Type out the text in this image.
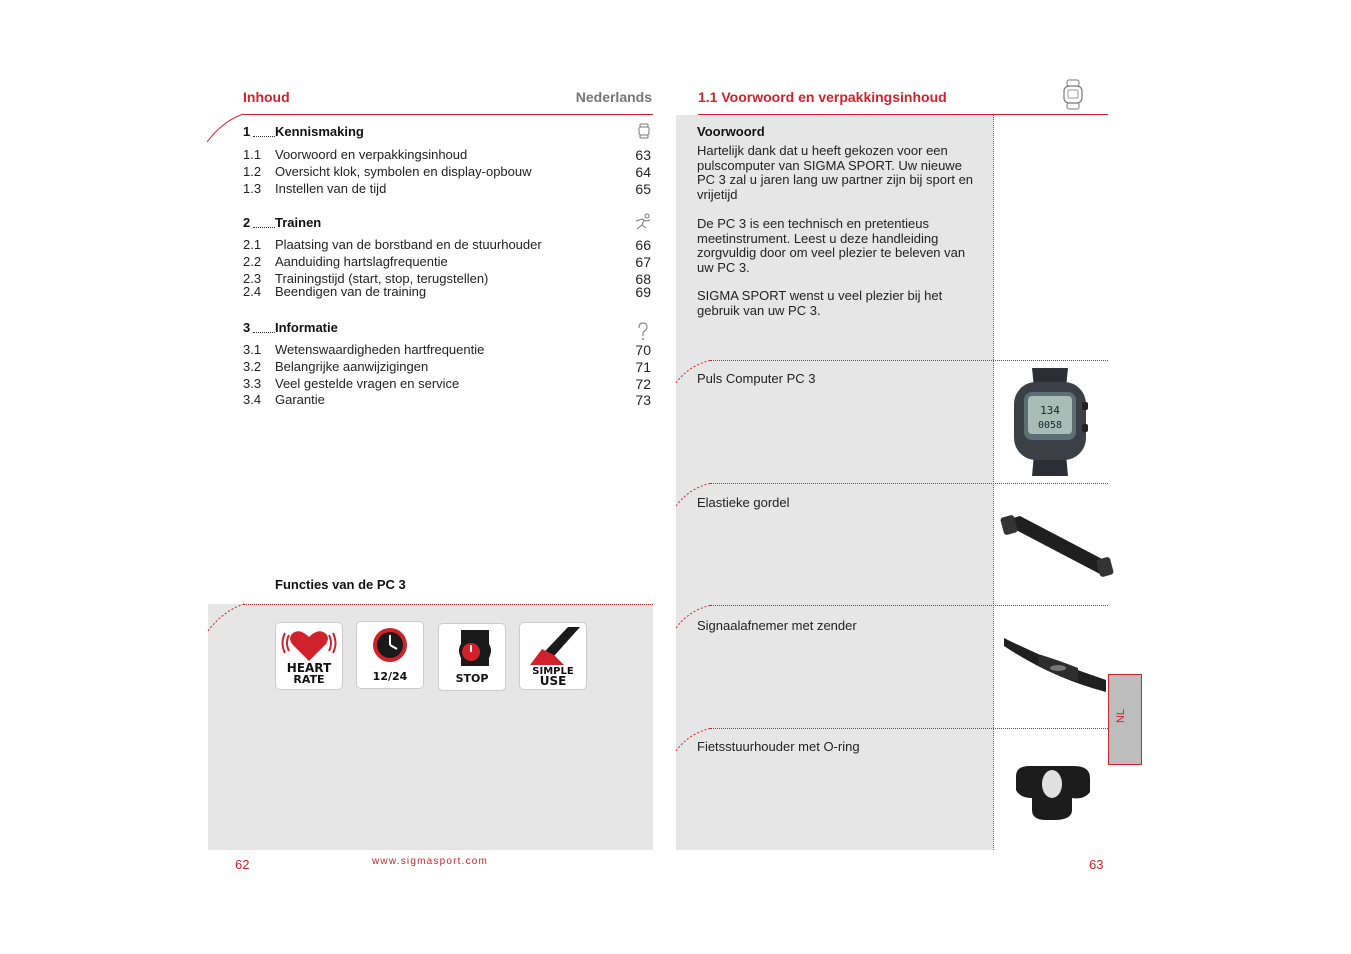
Inhoud	Nederlands
1 Kennismaking
1.1 Voorwoord en verpakkingsinhoud	63
1.2 Oversicht klok, symbolen en display-opbouw	64
1.3 Instellen van de tijd	65
2 Trainen
2.1 Plaatsing van de borstband en de stuurhouder	66
2.2 Aanduiding hartslagfrequentie	67
2.3 Trainingstijd (start, stop, terugstellen)	68
2.4 Beendigen van de training	69
3 Informatie
3.1 Wetenswaardigheden hartfrequentie	70
3.2 Belangrijke aanwijzigingen	71
3.3 Veel gestelde vragen en service	72
3.4 Garantie	73
Functies van de PC 3
HEART
RATE	12/24	STOP
SIMPLE
USE
62	www.sigmasport.com
1.1 Voorwoord en verpakkingsinhoud
Voorwoord
Hartelijk dank dat u heeft gekozen voor een pulscomputer van SIGMA SPORT. Uw nieuwe PC 3 zal u jaren lang uw partner zijn bij sport en vrijetijd
De PC 3 is een technisch en pretentieus meetinstrument. Leest u deze handleiding zorgvuldig door om veel plezier te beleven van uw PC 3.
SIGMA SPORT wenst u veel plezier bij het gebruik van uw PC 3.
Puls Computer PC 3
134
0058
Elastieke gordel
Signaalafnemer met zender
Fietsstuurhouder met O-ring
NL
63
